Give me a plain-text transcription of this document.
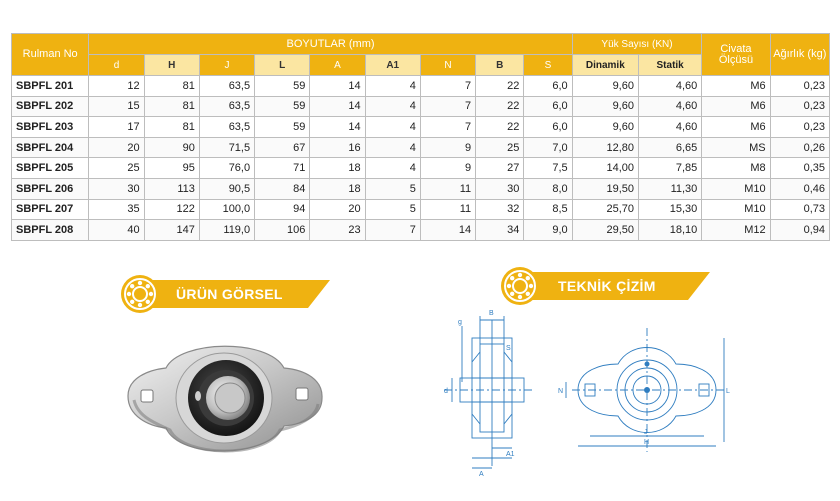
Rulman No	BOYUTLAR (mm)									Yük Sayısı (KN)		Civata Ölçüsü	Ağırlık (kg)
	d	H	J	L	A	A1	N	B	S	Dinamik	Statik		
SBPFL 201	12	81	63,5	59	14	4	7	22	6,0	9,60	4,60	M6	0,23
SBPFL 202	15	81	63,5	59	14	4	7	22	6,0	9,60	4,60	M6	0,23
SBPFL 203	17	81	63,5	59	14	4	7	22	6,0	9,60	4,60	M6	0,23
SBPFL 204	20	90	71,5	67	16	4	9	25	7,0	12,80	6,65	MS	0,26
SBPFL 205	25	95	76,0	71	18	4	9	27	7,5	14,00	7,85	M8	0,35
SBPFL 206	30	113	90,5	84	18	5	11	30	8,0	19,50	11,30	M10	0,46
SBPFL 207	35	122	100,0	94	20	5	11	32	8,5	25,70	15,30	M10	0,73
SBPFL 208	40	147	119,0	106	23	7	14	34	9,0	29,50	18,10	M12	0,94
ÜRÜN GÖRSEL	TEKNİK ÇİZİM
g
B
S
d	N	L
J
H
A
A1
